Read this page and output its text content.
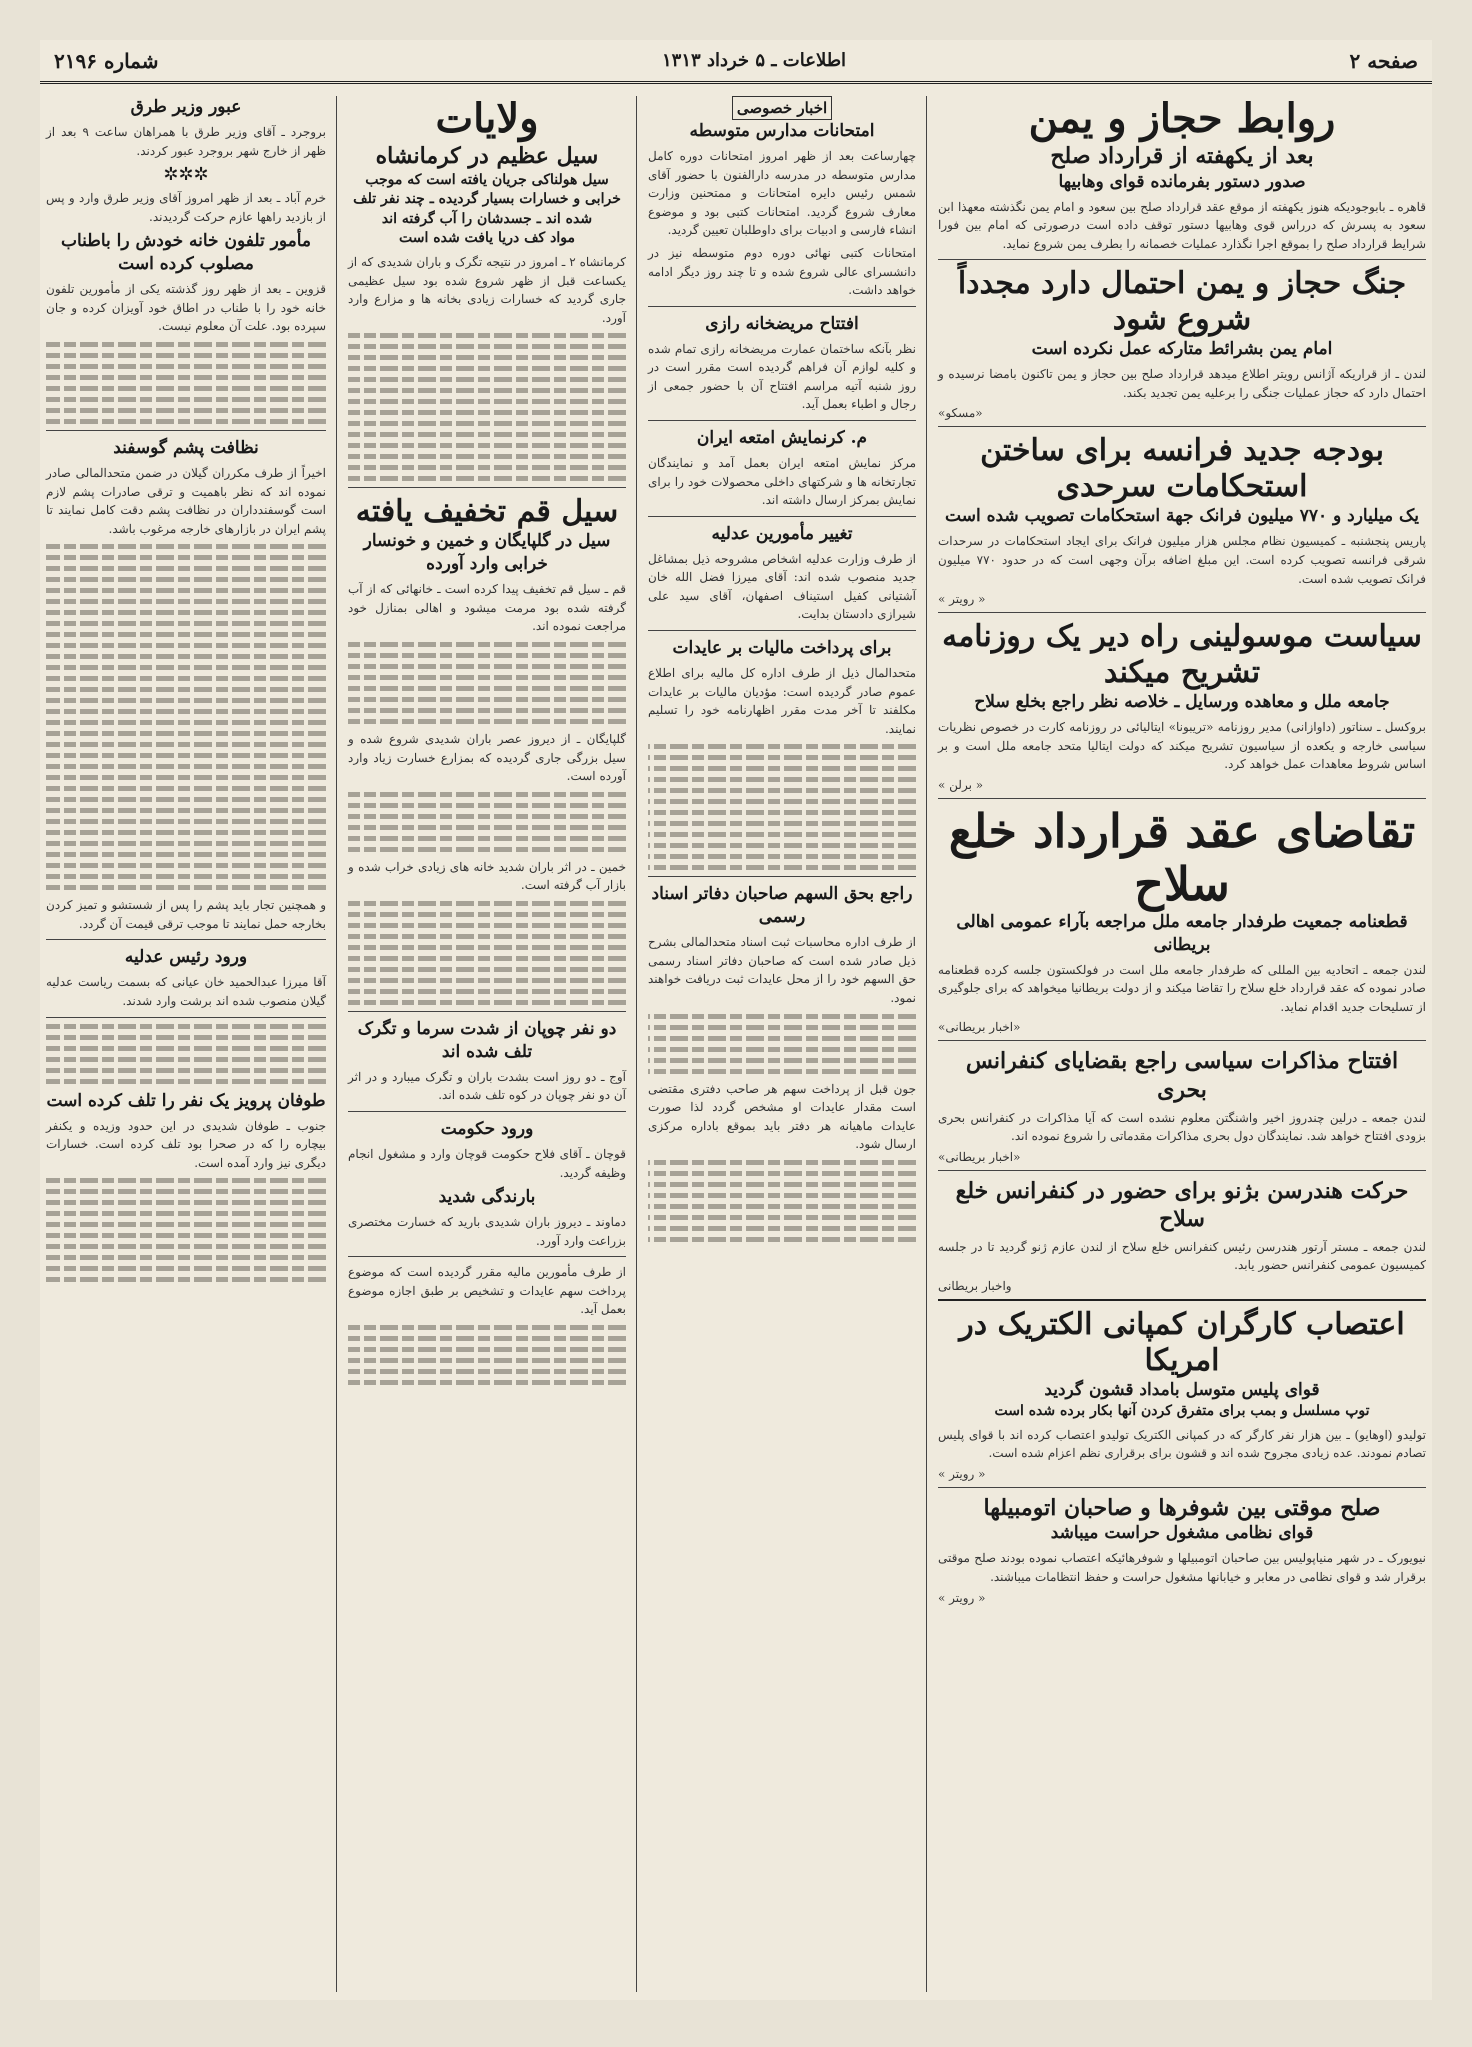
صفحه ۲
اطلاعات ـ ۵ خرداد ۱۳۱۳
شماره ۲۱۹۶
روابط حجاز و یمن
بعد از یکهفته از قرارداد صلح
صدور دستور بفرمانده قوای وهابیها

قاهره ـ بابوجودیکه هنوز یکهفته از موقع عقد قرارداد صلح بین سعود و امام یمن نگذشته معهذا ابن سعود به پسرش که درراس قوی وهابیها دستور توقف داده است درصورتی که امام بین فورا شرایط قرارداد صلح را بموقع اجرا نگذارد عملیات خصمانه را بطرف یمن شروع نماید.

جنگ حجاز و یمن احتمال دارد مجدداً شروع شود
امام یمن بشرائط متارکه عمل نکرده است

لندن ـ از قراریکه آژانس رویتر اطلاع میدهد قرارداد صلح بین حجاز و یمن تاکنون بامضا نرسیده و احتمال دارد که حجاز عملیات جنگی را برعلیه یمن تجدید بکند.

«مسکو»
بودجه جدید فرانسه برای ساختن استحکامات سرحدی
یک میلیارد و ۷۷۰ میلیون فرانک جهة استحکامات تصویب شده است

پاریس پنجشنبه ـ کمیسیون نظام مجلس هزار میلیون فرانک برای ایجاد استحکامات در سرحدات شرقی فرانسه تصویب کرده است. این مبلغ اضافه برآن وجهی است که در حدود ۷۷۰ میلیون فرانک تصویب شده است.

« رویتر »
سیاست موسولینی راه دیر یک روزنامه تشریح میکند
جامعه ملل و معاهده ورسایل ـ خلاصه نظر راجع بخلع سلاح

بروکسل ـ سناتور (داوازانی) مدیر روزنامه «تریبونا» ایتالیائی در روزنامه کارت در خصوص نظریات سیاسی خارجه و یکعده از سیاسیون تشریح میکند که دولت ایتالیا متحد جامعه ملل است و بر اساس شروط معاهدات عمل خواهد کرد.

« برلن »
تقاضای عقد قرارداد خلع سلاح
قطعنامه جمعیت طرفدار جامعه ملل مراجعه بآراء عمومی اهالی بریطانی

لندن جمعه ـ اتحادیه بین المللی که طرفدار جامعه ملل است در فولکستون جلسه کرده قطعنامه صادر نموده که عقد قرارداد خلع سلاح را تقاضا میکند و از دولت بریطانیا میخواهد که برای جلوگیری از تسلیحات جدید اقدام نماید.

«اخبار بریطانی»
افتتاح مذاکرات سیاسی راجع بقضایای کنفرانس بحری

لندن جمعه ـ درلین چندروز اخیر واشنگتن معلوم نشده است که آیا مذاکرات در کنفرانس بحری بزودی افتتاح خواهد شد. نمایندگان دول بحری مذاکرات مقدماتی را شروع نموده اند.

«اخبار بریطانی»
حرکت هندرسن بژنو برای حضور در کنفرانس خلع سلاح

لندن جمعه ـ مستر آرتور هندرسن رئیس کنفرانس خلع سلاح از لندن عازم ژنو گردید تا در جلسه کمیسیون عمومی کنفرانس حضور یابد.

واخبار بریطانی
اعتصاب کارگران کمپانی الکتریک در امریکا
قوای پلیس متوسل بامداد قشون گردید
توپ مسلسل و بمب برای متفرق کردن آنها بکار برده شده است

تولیدو (اوهایو) ـ بین هزار نفر کارگر که در کمپانی الکتریک تولیدو اعتصاب کرده اند با قوای پلیس تصادم نمودند. عده زیادی مجروح شده اند و قشون برای برقراری نظم اعزام شده است.

« رویتر »
صلح موقتی بین شوفرها و صاحبان اتومبیلها
قوای نظامی مشغول حراست میباشد

نیویورک ـ در شهر منیاپولیس بین صاحبان اتومبیلها و شوفرهائیکه اعتصاب نموده بودند صلح موقتی برقرار شد و قوای نظامی در معابر و خیابانها مشغول حراست و حفظ انتظامات میباشند.

« رویتر »
اخبار خصوصی
امتحانات مدارس متوسطه

چهارساعت بعد از ظهر امروز امتحانات دوره کامل مدارس متوسطه در مدرسه دارالفنون با حضور آقای شمس رئیس دایره امتحانات و ممتحنین وزارت معارف شروع گردید. امتحانات کتبی بود و موضوع انشاء فارسی و ادبیات برای داوطلبان تعیین گردید.

امتحانات کتبی نهائی دوره دوم متوسطه نیز در دانشسرای عالی شروع شده و تا چند روز دیگر ادامه خواهد داشت.

افتتاح مریضخانه رازی

نظر بآنکه ساختمان عمارت مریضخانه رازی تمام شده و کلیه لوازم آن فراهم گردیده است مقرر است در روز شنبه آتیه مراسم افتتاح آن با حضور جمعی از رجال و اطباء بعمل آید.

م. کرنمایش امتعه ایران

مرکز نمایش امتعه ایران بعمل آمد و نمایندگان تجارتخانه ها و شرکتهای داخلی محصولات خود را برای نمایش بمرکز ارسال داشته اند.

تغییر مأمورین عدلیه

از طرف وزارت عدلیه اشخاص مشروحه ذیل بمشاغل جدید منصوب شده اند: آقای میرزا فضل الله خان آشتیانی کفیل استیناف اصفهان، آقای سید علی شیرازی دادستان بدایت.

برای پرداخت مالیات بر عایدات

متحدالمال ذیل از طرف اداره کل مالیه برای اطلاع عموم صادر گردیده است: مؤدیان مالیات بر عایدات مکلفند تا آخر مدت مقرر اظهارنامه خود را تسلیم نمایند.

راجع بحق السهم صاحبان دفاتر اسناد رسمی

از طرف اداره محاسبات ثبت اسناد متحدالمالی بشرح ذیل صادر شده است که صاحبان دفاتر اسناد رسمی حق السهم خود را از محل عایدات ثبت دریافت خواهند نمود.

جون قبل از پرداخت سهم هر صاحب دفتری مقتضی است مقدار عایدات او مشخص گردد لذا صورت عایدات ماهیانه هر دفتر باید بموقع باداره مرکزی ارسال شود.

ولایات
سیل عظیم در کرمانشاه
سیل هولناکی جریان یافته است که موجب خرابی و خسارات بسیار گردیده ـ چند نفر تلف شده اند ـ جسدشان را آب گرفته اند
مواد کف دریا یافت شده است

کرمانشاه ۲ ـ امروز در نتیجه تگرک و باران شدیدی که از یکساعت قبل از ظهر شروع شده بود سیل عظیمی جاری گردید که خسارات زیادی بخانه ها و مزارع وارد آورد.

سیل قم تخفیف یافته
سیل در گلپایگان و خمین و خونسار خرابی وارد آورده

قم ـ سیل قم تخفیف پیدا کرده است ـ خانهائی که از آب گرفته شده بود مرمت میشود و اهالی بمنازل خود مراجعت نموده اند.

گلپایگان ـ از دیروز عصر باران شدیدی شروع شده و سیل بزرگی جاری گردیده که بمزارع خسارت زیاد وارد آورده است.

خمین ـ در اثر باران شدید خانه های زیادی خراب شده و بازار آب گرفته است.

دو نفر چوپان از شدت سرما و تگرک تلف شده اند

آوج ـ دو روز است بشدت باران و تگرک میبارد و در اثر آن دو نفر چوپان در کوه تلف شده اند.

ورود حکومت

قوچان ـ آقای فلاح حکومت قوچان وارد و مشغول انجام وظیفه گردید.

بارندگی شدید

دماوند ـ دیروز باران شدیدی بارید که خسارت مختصری بزراعت وارد آورد.

از طرف مأمورین مالیه مقرر گردیده است که موضوع پرداخت سهم عایدات و تشخیص بر طبق اجازه موضوع بعمل آید.

عبور وزیر طرق

بروجرد ـ آقای وزیر طرق با همراهان ساعت ۹ بعد از ظهر از خارج شهر بروجرد عبور کردند.

✲✲✲

خرم آباد ـ بعد از ظهر امروز آقای وزیر طرق وارد و پس از بازدید راهها عازم حرکت گردیدند.

مأمور تلفون خانه خودش را باطناب مصلوب کرده است

قزوین ـ بعد از ظهر روز گذشته یکی از مأمورین تلفون خانه خود را با طناب در اطاق خود آویزان کرده و جان سپرده بود. علت آن معلوم نیست.

نظافت پشم گوسفند

اخیراً از طرف مکرران گیلان در ضمن متحدالمالی صادر نموده اند که نظر باهمیت و ترقی صادرات پشم لازم است گوسفندداران در نظافت پشم دقت کامل نمایند تا پشم ایران در بازارهای خارجه مرغوب باشد.

و همچنین تجار باید پشم را پس از شستشو و تمیز کردن بخارجه حمل نمایند تا موجب ترقی قیمت آن گردد.

ورود رئیس عدلیه

آقا میرزا عبدالحمید خان عیانی که بسمت ریاست عدلیه گیلان منصوب شده اند برشت وارد شدند.

طوفان پرویز یک نفر را تلف کرده است

جنوب ـ طوفان شدیدی در این حدود وزیده و یکنفر بیچاره را که در صحرا بود تلف کرده است. خسارات دیگری نیز وارد آمده است.
